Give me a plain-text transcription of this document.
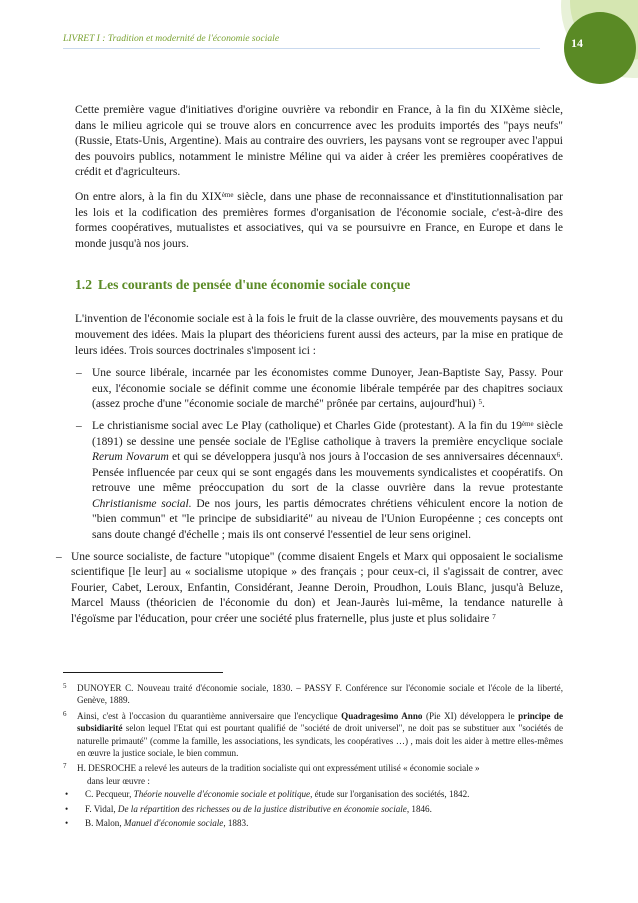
LIVRET I : Tradition et modernité de l'économie sociale	14

Cette première vague d'initiatives d'origine ouvrière va rebondir en France, à la fin du XIXème siècle, dans le milieu agricole qui se trouve alors en concurrence avec les produits importés des "pays neufs" (Russie, Etats-Unis, Argentine). Mais au contraire des ouvriers, les paysans vont se regrouper avec l'appui des pouvoirs publics, notamment le ministre Méline qui va aider à créer les premières coopératives de crédit et d'agriculteurs.

On entre alors, à la fin du XIXème siècle, dans une phase de reconnaissance et d'institutionnalisation par les lois et la codification des premières formes d'organisation de l'économie sociale, c'est-à-dire des formes coopératives, mutualistes et associatives, qui va se poursuivre en France, en Europe et dans le monde jusqu'à nos jours.

1.2 Les courants de pensée d'une économie sociale conçue

L'invention de l'économie sociale est à la fois le fruit de la classe ouvrière, des mouvements paysans et du mouvement des idées. Mais la plupart des théoriciens furent aussi des acteurs, par la mise en pratique de leurs idées. Trois sources doctrinales s'imposent ici :

– Une source libérale, incarnée par les économistes comme Dunoyer, Jean-Baptiste Say, Passy. Pour eux, l'économie sociale se définit comme une économie libérale tempérée par des chapitres sociaux (assez proche d'une "économie sociale de marché" prônée par certains, aujourd'hui) $^5$.
– Le christianisme social avec Le Play (catholique) et Charles Gide (protestant). A la fin du 19ème siècle (1891) se dessine une pensée sociale de l'Eglise catholique à travers la première encyclique sociale Rerum Novarum et qui se développera jusqu'à nos jours à l'occasion de ses anniversaires décennaux$^6$. Pensée influencée par ceux qui se sont engagés dans les mouvements syndicalistes et coopératifs. On retrouve une même préoccupation du sort de la classe ouvrière dans la revue protestante Christianisme social. De nos jours, les partis démocrates chrétiens véhiculent encore la notion de "bien commun" et "le principe de subsidiarité" au niveau de l'Union Européenne ; ces concepts ont sans doute changé d'échelle ; mais ils ont conservé l'essentiel de leur sens originel.
– Une source socialiste, de facture "utopique" (comme disaient Engels et Marx qui opposaient le socialisme scientifique [le leur] au « socialisme utopique » des français ; pour ceux-ci, il s'agissait de contrer, avec Fourier, Cabet, Leroux, Enfantin, Considérant, Jeanne Deroin, Proudhon, Louis Blanc, jusqu'à Beluze, Marcel Mauss (théoricien de l'économie du don) et Jean-Jaurès lui-même, la tendance naturelle à l'égoïsme par l'éducation, pour créer une société plus fraternelle, plus juste et plus solidaire $^7$
5 DUNOYER C. Nouveau traité d'économie sociale, 1830. – PASSY F. Conférence sur l'économie sociale et l'école de la liberté, Genève, 1889.
6 Ainsi, c'est à l'occasion du quarantième anniversaire que l'encyclique Quadragesimo Anno (Pie XI) développera le principe de subsidiarité selon lequel l'Etat qui est pourtant qualifié de "société de droit universel", ne doit pas se substituer aux "sociétés de naturelle primauté" (comme la famille, les associations, les syndicats, les coopératives …) , mais doit les aider à mettre elles-mêmes en œuvre la justice sociale, le bien commun.
7 H. DESROCHE a relevé les auteurs de la tradition socialiste qui ont expressément utilisé « économie sociale »
dans leur œuvre :
• C. Pecqueur, Théorie nouvelle d'économie sociale et politique, étude sur l'organisation des sociétés, 1842.
• F. Vidal, De la répartition des richesses ou de la justice distributive en économie sociale, 1846.
• B. Malon, Manuel d'économie sociale, 1883.
